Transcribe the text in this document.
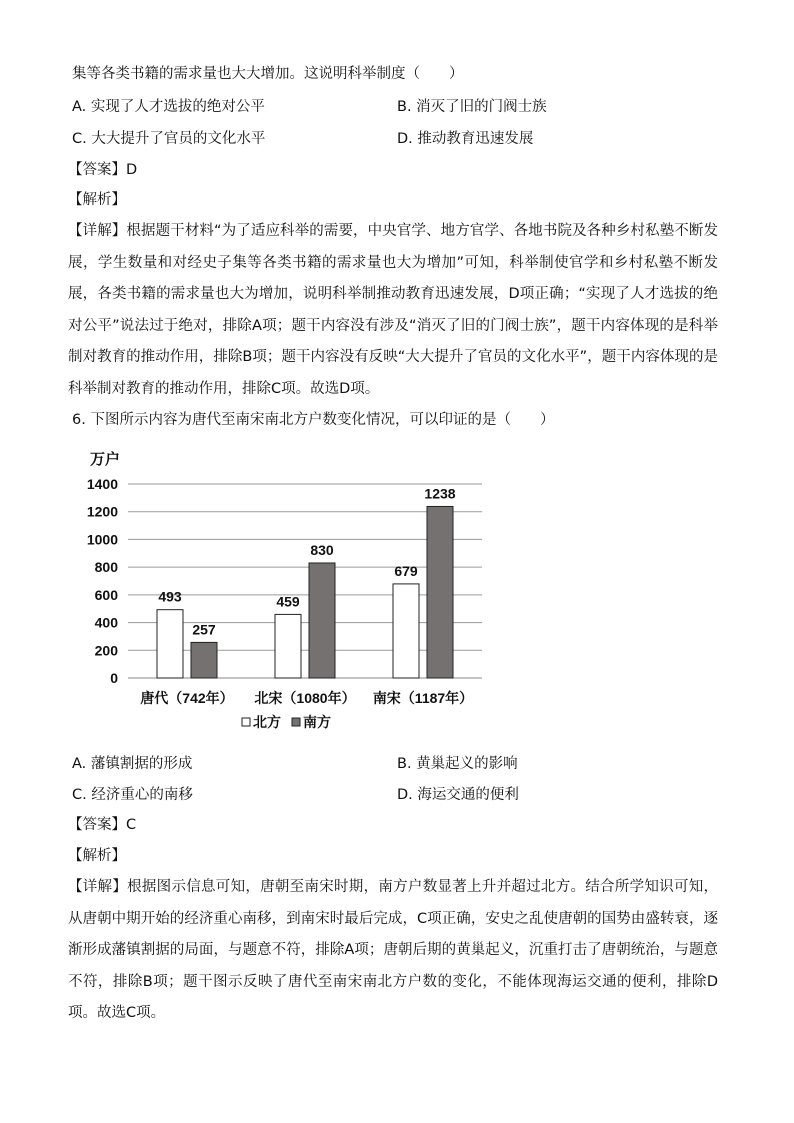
集等各类书籍的需求量也大大增加。这说明科举制度（　　）
A. 实现了人才选拔的绝对公平	B. 消灭了旧的门阀士族
C. 大大提升了官员的文化水平	D. 推动教育迅速发展
【答案】D
【解析】
【详解】根据题干材料“为了适应科举的需要，中央官学、地方官学、各地书院及各种乡村私塾不断发展，学生数量和对经史子集等各类书籍的需求量也大为增加”可知，科举制使官学和乡村私塾不断发展，各类书籍的需求量也大为增加，说明科举制推动教育迅速发展，D项正确；“实现了人才选拔的绝对公平”说法过于绝对，排除A项；题干内容没有涉及“消灭了旧的门阀士族”，题干内容体现的是科举制对教育的推动作用，排除B项；题干内容没有反映“大大提升了官员的文化水平”，题干内容体现的是科举制对教育的推动作用，排除C项。故选D项。
6. 下图所示内容为唐代至南宋南北方户数变化情况，可以印证的是（　　）
万户
0
200
400
600
800
1000
1200
1400
493
257
459
830
679
1238
唐代（742年） 北宋（1080年） 南宋（1187年）
北方 南方
A. 藩镇割据的形成	B. 黄巢起义的影响
C. 经济重心的南移	D. 海运交通的便利
【答案】C
【解析】
【详解】根据图示信息可知，唐朝至南宋时期，南方户数显著上升并超过北方。结合所学知识可知，从唐朝中期开始的经济重心南移，到南宋时最后完成，C项正确，安史之乱使唐朝的国势由盛转衰，逐渐形成藩镇割据的局面，与题意不符，排除A项；唐朝后期的黄巢起义，沉重打击了唐朝统治，与题意不符，排除B项；题干图示反映了唐代至南宋南北方户数的变化，不能体现海运交通的便利，排除D项。故选C项。
